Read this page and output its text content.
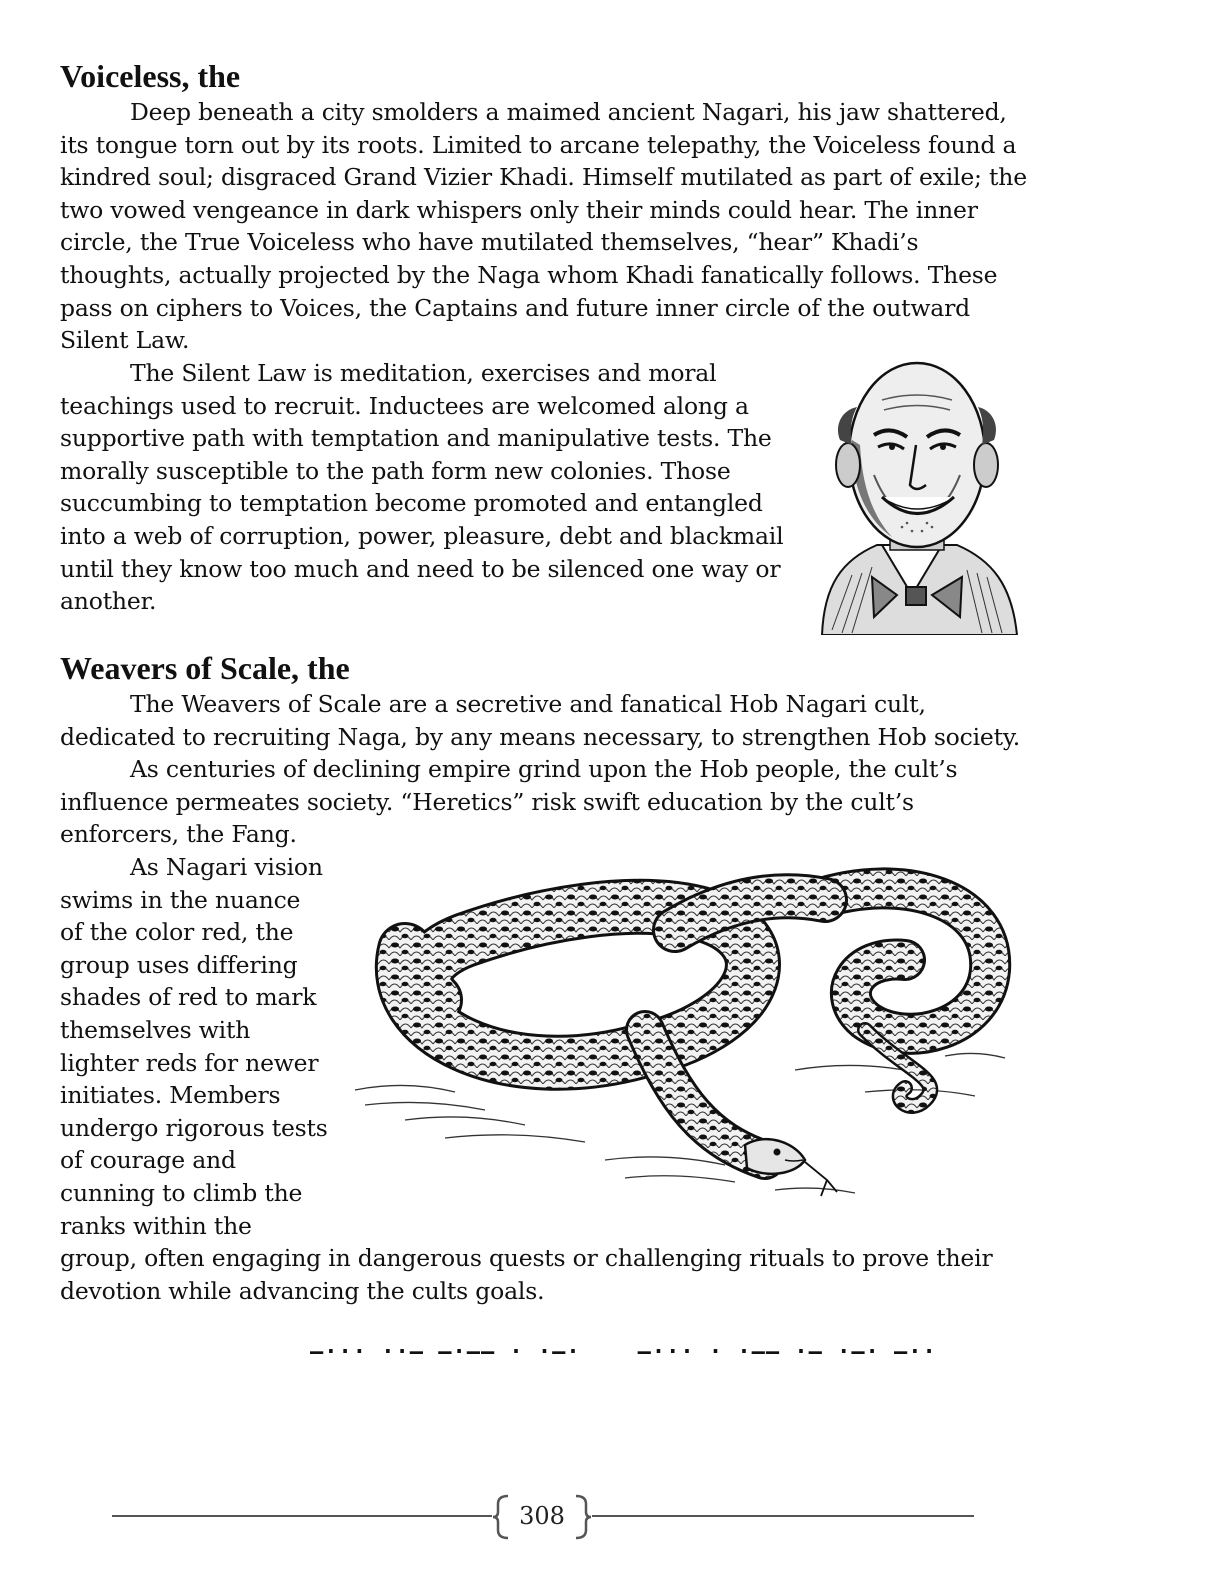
Voiceless, the
Deep beneath a city smolders a maimed ancient Nagari, his jaw shattered,
its tongue torn out by its roots. Limited to arcane telepathy, the Voiceless found a
kindred soul; disgraced Grand Vizier Khadi. Himself mutilated as part of exile; the
two vowed vengeance in dark whispers only their minds could hear. The inner
circle, the True Voiceless who have mutilated themselves, “hear” Khadi’s
thoughts, actually projected by the Naga whom Khadi fanatically follows. These
pass on ciphers to Voices, the Captains and future inner circle of the outward
Silent Law.
The Silent Law is meditation, exercises and moral
teachings used to recruit. Inductees are welcomed along a
supportive path with temptation and manipulative tests. The
morally susceptible to the path form new colonies. Those
succumbing to temptation become promoted and entangled
into a web of corruption, power, pleasure, debt and blackmail
until they know too much and need to be silenced one way or
another.
Weavers of Scale, the
The Weavers of Scale are a secretive and fanatical Hob Nagari cult,
dedicated to recruiting Naga, by any means necessary, to strengthen Hob society.
As centuries of declining empire grind upon the Hob people, the cult’s
influence permeates society. “Heretics” risk swift education by the cult’s
enforcers, the Fang.
As Nagari vision
swims in the nuance
of the color red, the
group uses differing
shades of red to mark
themselves with
lighter reds for newer
initiates. Members
undergo rigorous tests
of courage and
cunning to climb the
ranks within the
group, often engaging in dangerous quests or challenging rituals to prove their
devotion while advancing the cults goals.
—··· ··— —·—— · ·—·    —··· · ·—— ·— ·—· —··
308
